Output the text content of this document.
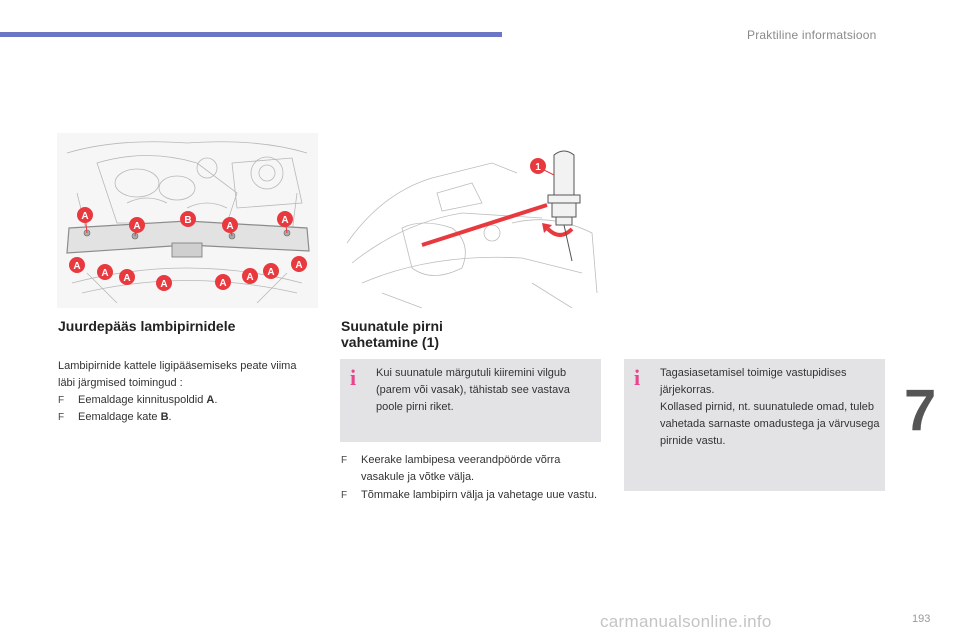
Praktiline informatsioon
A
A
B
A
A
A
A A
A	A
A A
A
1
Juurdepääs lambipirnidele
Lambipirnide kattele ligipääsemiseks peate viima läbi järgmised toimingud :
F	Eemaldage kinnituspoldid A.
F	Eemaldage kate B.
Suunatule pirni
vahetamine (1)
i Kui suunatule märgutuli kiiremini vilgub (parem või vasak), tähistab see vastava poole pirni riket.
F	Keerake lambipesa veerandpöörde võrra vasakule ja võtke välja.
F	Tõmmake lambipirn välja ja vahetage uue vastu.
i Tagasiasetamisel toimige vastupidises järjekorras.
Kollased pirnid, nt. suunatulede omad, tuleb vahetada sarnaste omadustega ja värvusega pirnide vastu.	7
carmanualsonline.info	193
